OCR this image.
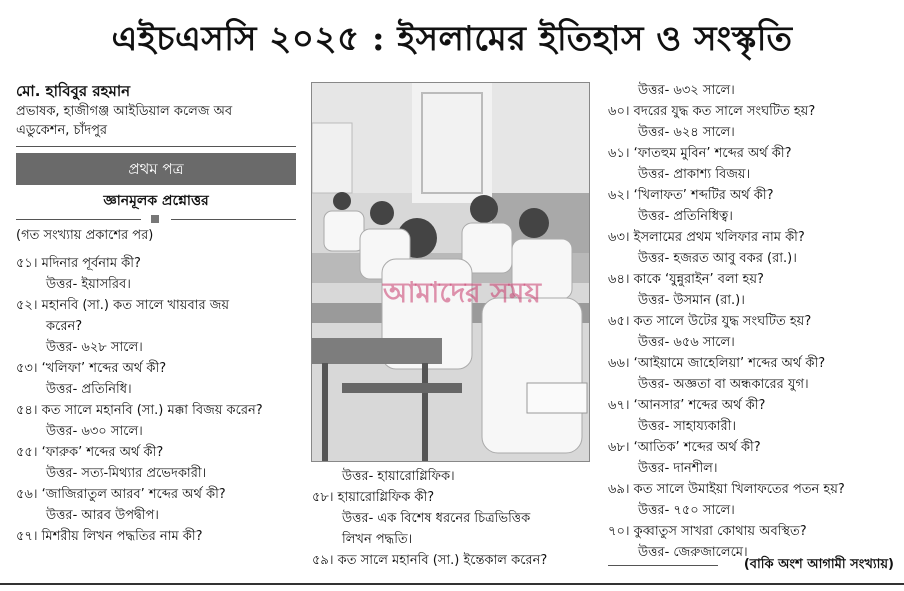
এইচএসসি ২০২৫ : ইসলামের ইতিহাস ও সংস্কৃতি
মো. হাবিবুর রহমান
প্রভাষক, হাজীগঞ্জ আইডিয়াল কলেজ অব
এডুকেশন, চাঁদপুর
প্রথম পত্র
জ্ঞানমূলক প্রশ্নোত্তর
(গত সংখ্যায় প্রকাশের পর)
৫১। মদিনার পূর্বনাম কী?
উত্তর- ইয়াসরিব।
৫২। মহানবি (সা.) কত সালে খায়বার জয়
করেন?
উত্তর- ৬২৮ সালে।
৫৩। ‘খলিফা’ শব্দের অর্থ কী?
উত্তর- প্রতিনিধি।
৫৪। কত সালে মহানবি (সা.) মক্কা বিজয় করেন?
উত্তর- ৬৩০ সালে।
৫৫। ‘ফারুক’ শব্দের অর্থ কী?
উত্তর- সত্য-মিথ্যার প্রভেদকারী।
৫৬। ‘জাজিরাতুল আরব’ শব্দের অর্থ কী?
উত্তর- আরব উপদ্বীপ।
৫৭। মিশরীয় লিখন পদ্ধতির নাম কী?
আমাদের সময়
উত্তর- হায়ারোগ্লিফিক।
৫৮। হায়ারোগ্লিফিক কী?
উত্তর- এক বিশেষ ধরনের চিত্রভিত্তিক
লিখন পদ্ধতি।
৫৯। কত সালে মহানবি (সা.) ইন্তেকাল করেন?
উত্তর- ৬৩২ সালে।
৬০। বদরের যুদ্ধ কত সালে সংঘটিত হয়?
উত্তর- ৬২৪ সালে।
৬১। ‘ফাতহুম মুবিন’ শব্দের অর্থ কী?
উত্তর- প্রাকাশ্য বিজয়।
৬২। ‘খিলাফত’ শব্দটির অর্থ কী?
উত্তর- প্রতিনিধিত্ব।
৬৩। ইসলামের প্রথম খলিফার নাম কী?
উত্তর- হজরত আবু বকর (রা.)।
৬৪। কাকে ‘যুন্নুরাইন’ বলা হয়?
উত্তর- উসমান (রা.)।
৬৫। কত সালে উটের যুদ্ধ সংঘটিত হয়?
উত্তর- ৬৫৬ সালে।
৬৬। ‘আইয়ামে জাহেলিয়া’ শব্দের অর্থ কী?
উত্তর- অজ্ঞতা বা অন্ধকারের যুগ।
৬৭। ‘আনসার’ শব্দের অর্থ কী?
উত্তর- সাহায্যকারী।
৬৮। ‘আতিক’ শব্দের অর্থ কী?
উত্তর- দানশীল।
৬৯। কত সালে উমাইয়া খিলাফতের পতন হয়?
উত্তর- ৭৫০ সালে।
৭০। কুব্বাতুস সাখরা কোথায় অবস্থিত?
উত্তর- জেরুজালেমে।
(বাকি অংশ আগামী সংখ্যায়)
